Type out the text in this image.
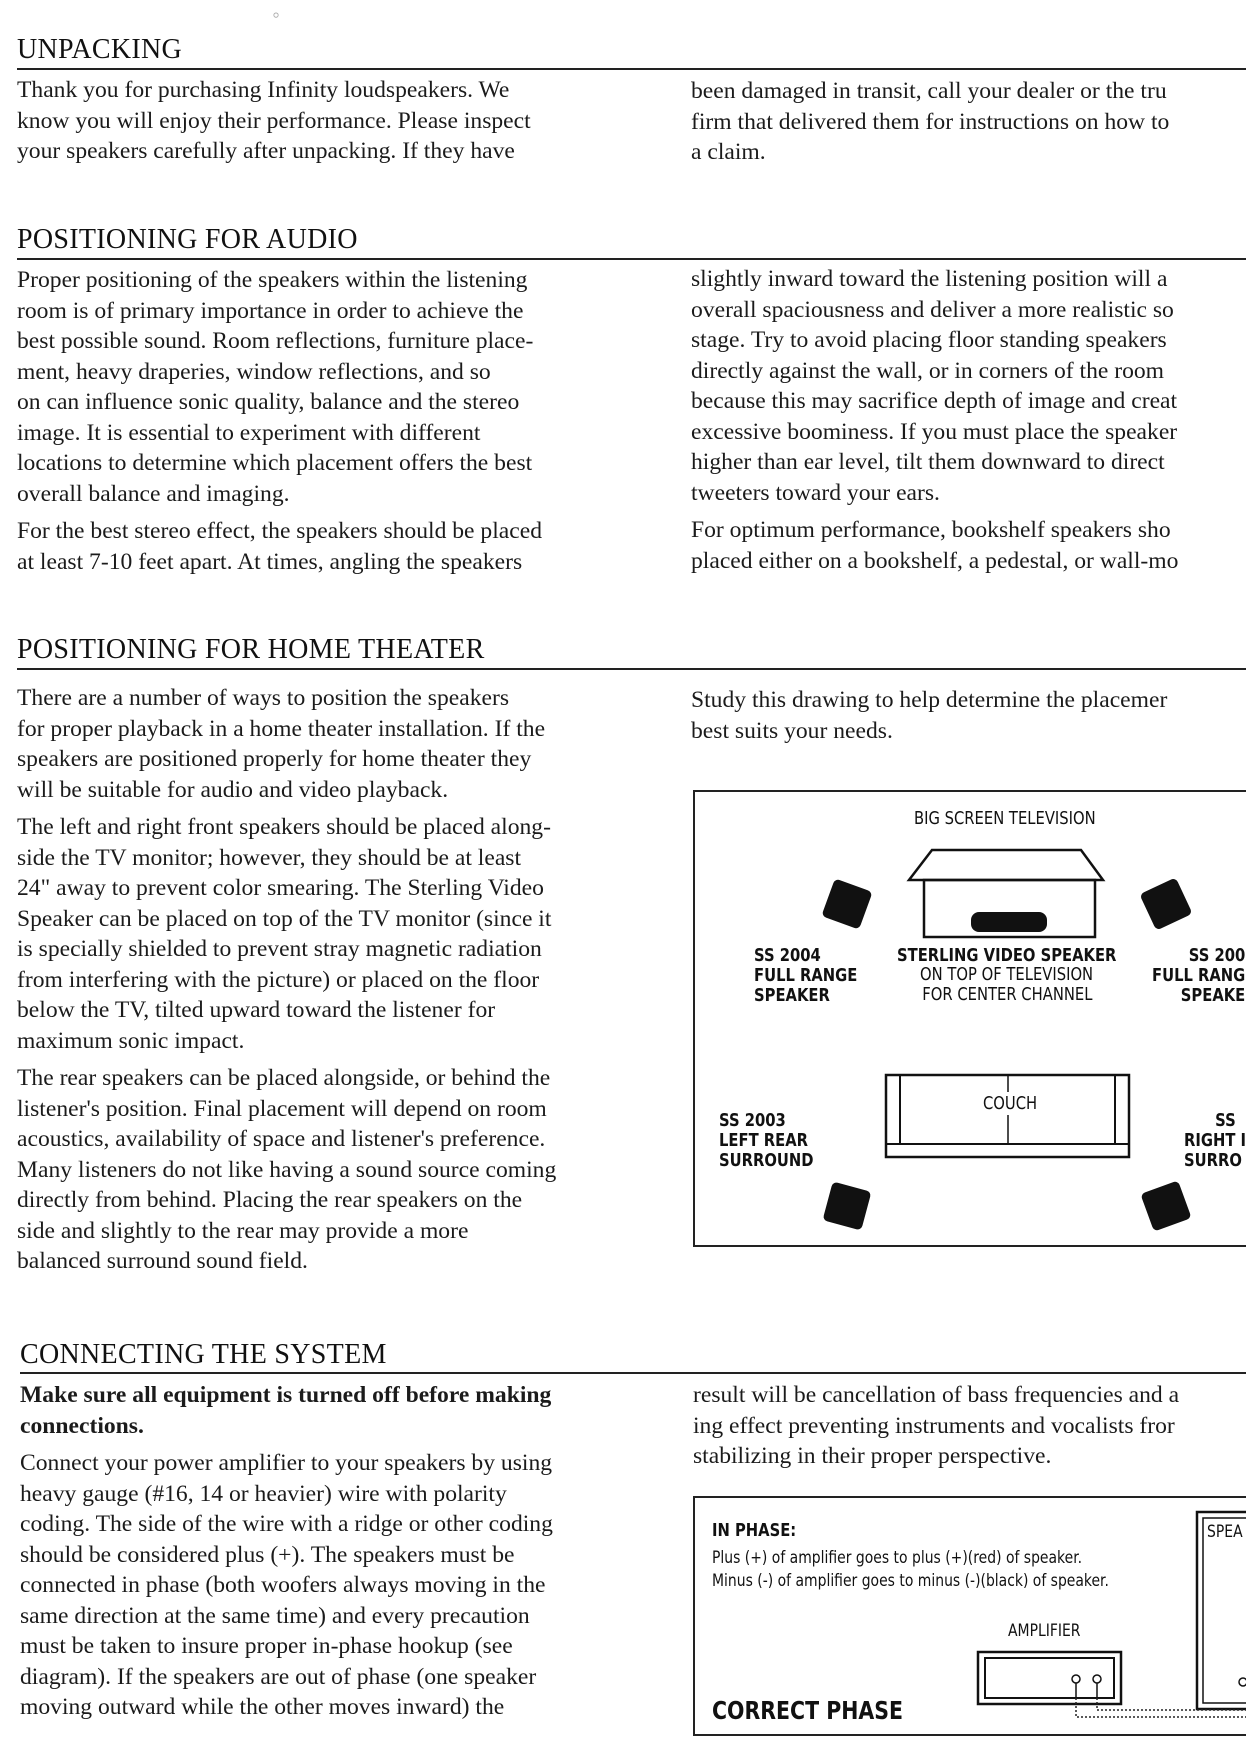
⸰
UNPACKING
Thank you for purchasing Infinity loudspeakers. We
know you will enjoy their performance. Please inspect
your speakers carefully after unpacking. If they have
been damaged in transit, call your dealer or the tru
firm that delivered them for instructions on how to
a claim.
POSITIONING FOR AUDIO
Proper positioning of the speakers within the listening
room is of primary importance in order to achieve the
best possible sound. Room reflections, furniture place-
ment, heavy draperies, window reflections, and so
on can influence sonic quality, balance and the stereo
image. It is essential to experiment with different
locations to determine which placement offers the best
overall balance and imaging.
For the best stereo effect, the speakers should be placed
at least 7-10 feet apart. At times, angling the speakers
slightly inward toward the listening position will a
overall spaciousness and deliver a more realistic so
stage. Try to avoid placing floor standing speakers
directly against the wall, or in corners of the room
because this may sacrifice depth of image and creat
excessive boominess. If you must place the speaker
higher than ear level, tilt them downward to direct
tweeters toward your ears.
For optimum performance, bookshelf speakers sho
placed either on a bookshelf, a pedestal, or wall-mo
POSITIONING FOR HOME THEATER
There are a number of ways to position the speakers
for proper playback in a home theater installation. If the
speakers are positioned properly for home theater they
will be suitable for audio and video playback.
The left and right front speakers should be placed along-
side the TV monitor; however, they should be at least
24" away to prevent color smearing. The Sterling Video
Speaker can be placed on top of the TV monitor (since it
is specially shielded to prevent stray magnetic radiation
from interfering with the picture) or placed on the floor
below the TV, tilted upward toward the listener for
maximum sonic impact.
The rear speakers can be placed alongside, or behind the
listener's position. Final placement will depend on room
acoustics, availability of space and listener's preference.
Many listeners do not like having a sound source coming
directly from behind. Placing the rear speakers on the
side and slightly to the rear may provide a more
balanced surround sound field.
Study this drawing to help determine the placemer
best suits your needs.
BIG SCREEN TELEVISION
SS 2004
FULL RANGE
SPEAKER
STERLING VIDEO SPEAKER
ON TOP OF TELEVISION
FOR CENTER CHANNEL
SS 200
FULL RANG
SPEAKE
COUCH
SS 2003
LEFT REAR
SURROUND
SS
RIGHT I
SURRO
CONNECTING THE SYSTEM
Make sure all equipment is turned off before making
connections.
Connect your power amplifier to your speakers by using
heavy gauge (#16, 14 or heavier) wire with polarity
coding. The side of the wire with a ridge or other coding
should be considered plus (+). The speakers must be
connected in phase (both woofers always moving in the
same direction at the same time) and every precaution
must be taken to insure proper in-phase hookup (see
diagram). If the speakers are out of phase (one speaker
moving outward while the other moves inward) the
result will be cancellation of bass frequencies and a
ing effect preventing instruments and vocalists fror
stabilizing in their proper perspective.
IN PHASE:
Plus (+) of amplifier goes to plus (+)(red) of speaker.
Minus (-) of amplifier goes to minus (-)(black) of speaker.
AMPLIFIER
SPEA
CORRECT PHASE
